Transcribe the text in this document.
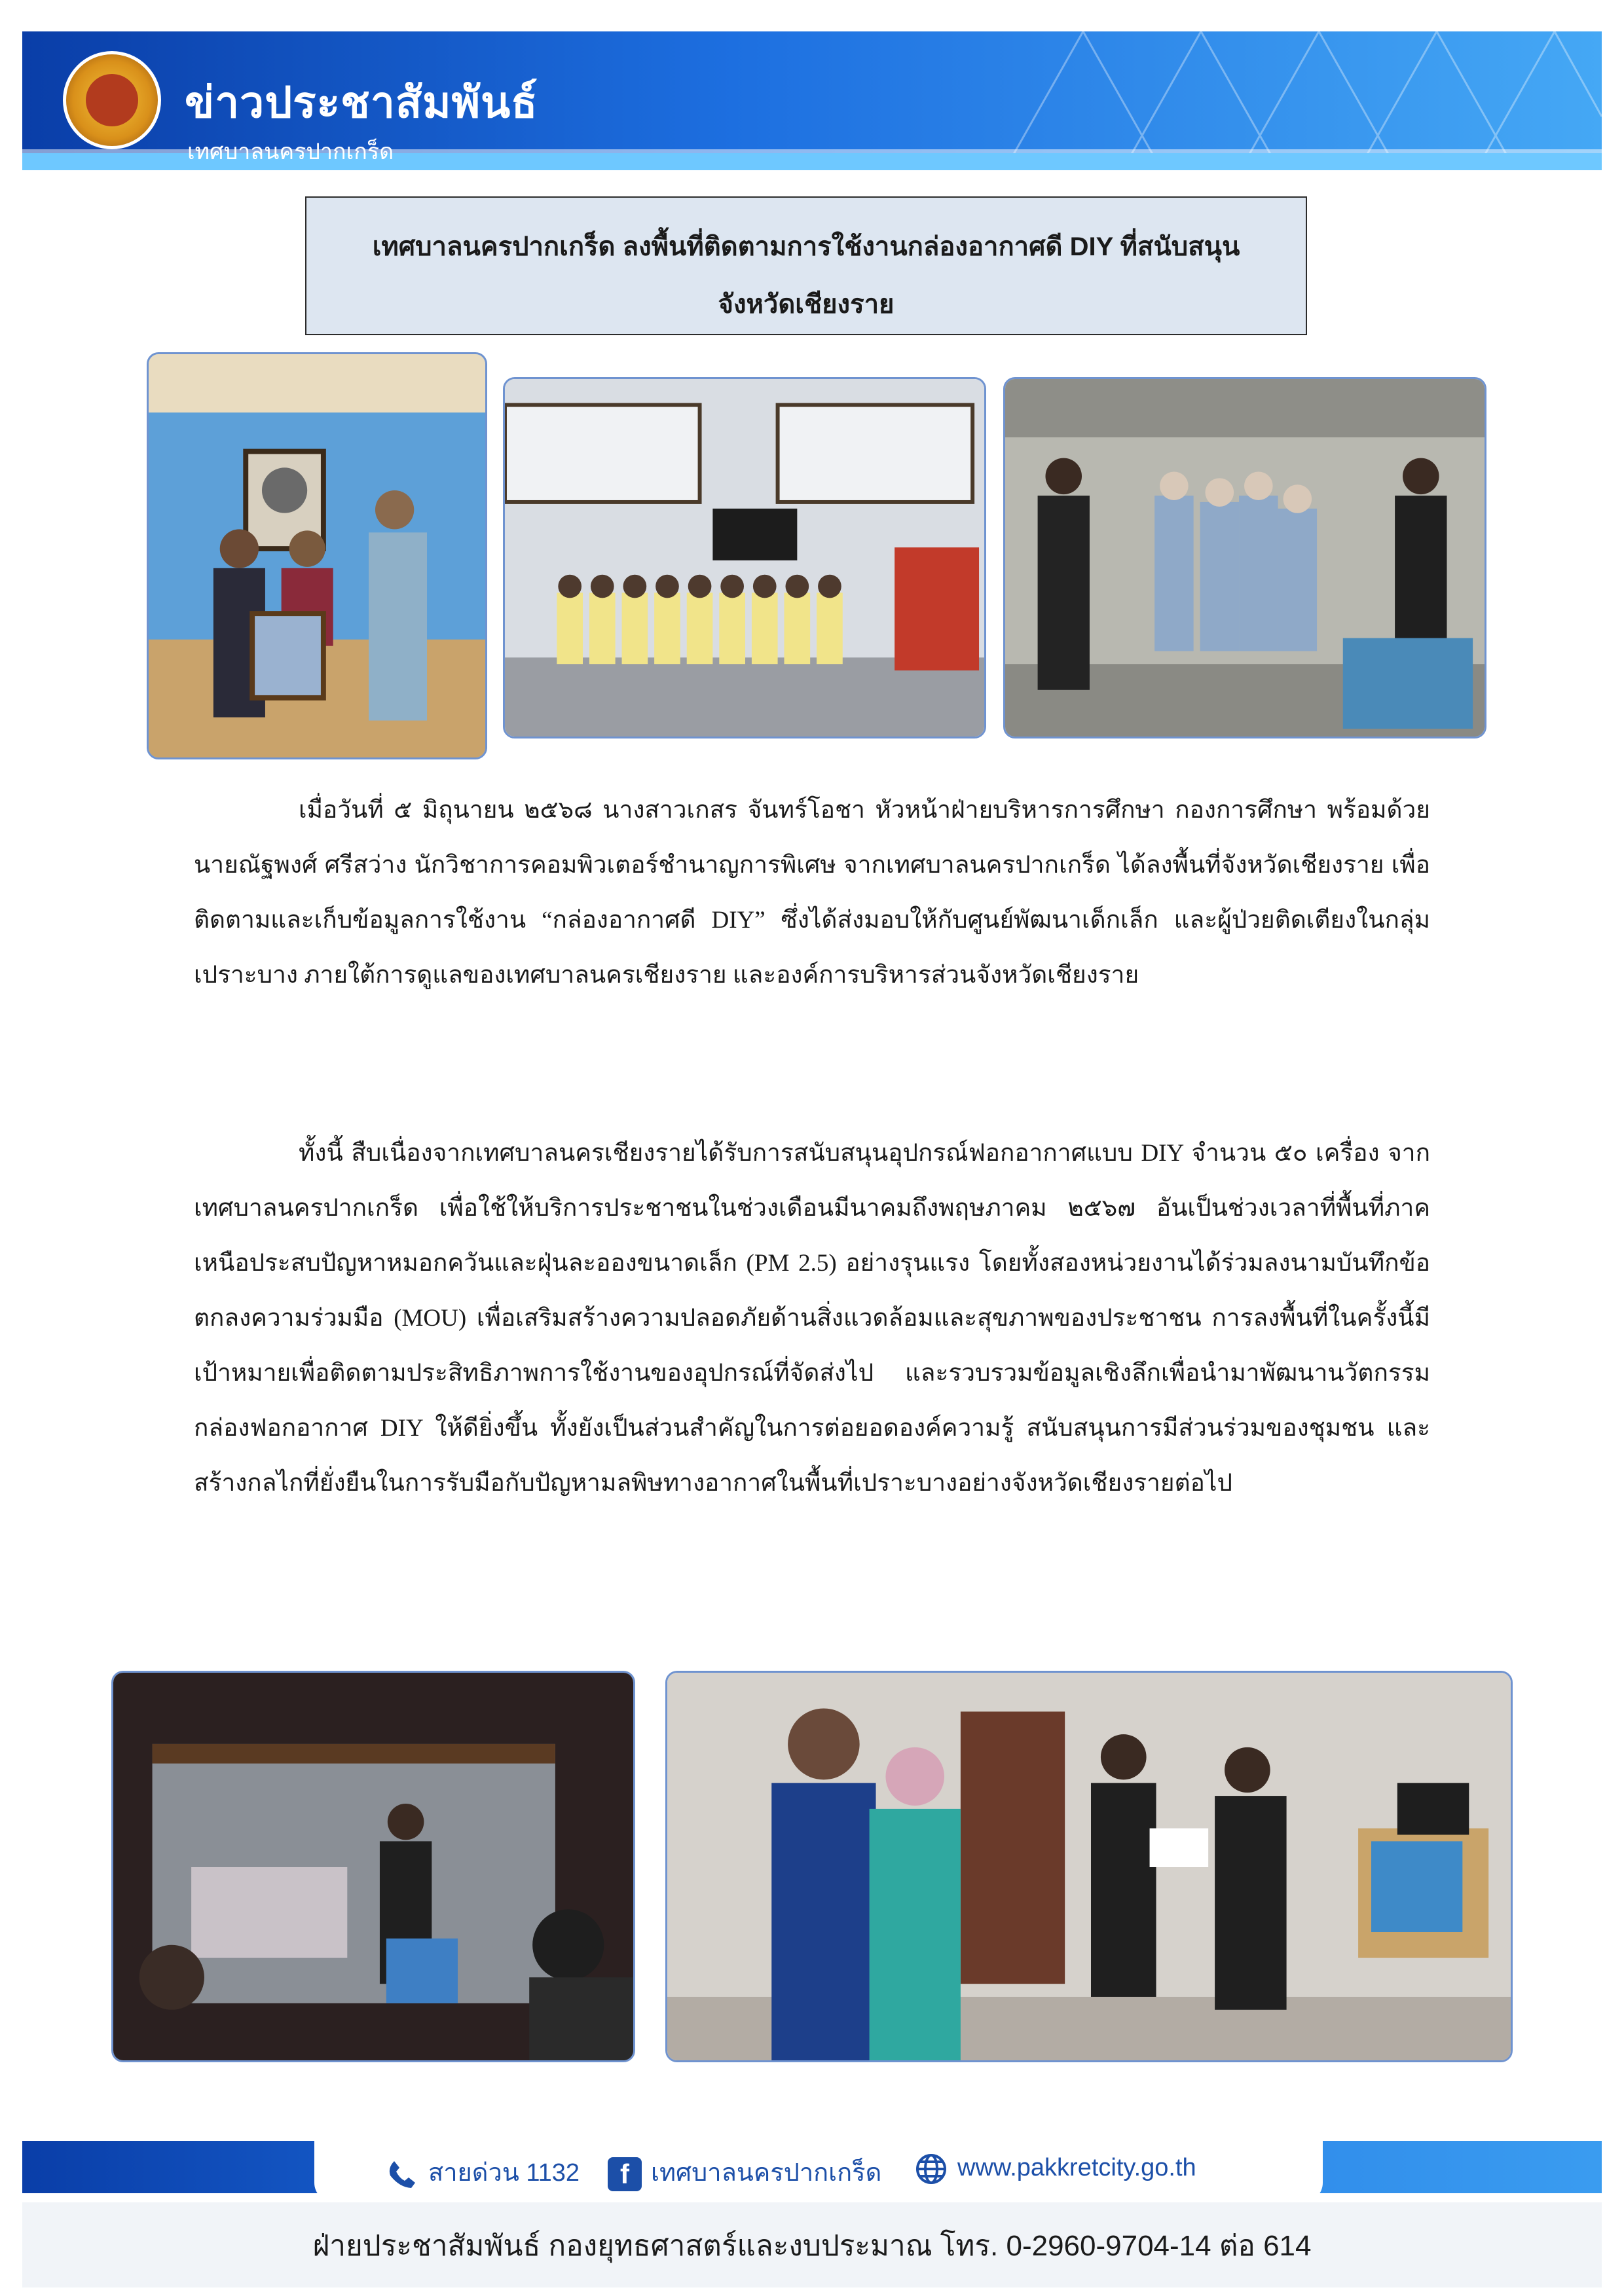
ข่าวประชาสัมพันธ์
เทศบาลนครปากเกร็ด
เทศบาลนครปากเกร็ด ลงพื้นที่ติดตามการใช้งานกล่องอากาศดี DIY ที่สนับสนุน
จังหวัดเชียงราย

เมื่อวันที่ ๕ มิถุนายน ๒๕๖๘ นางสาวเกสร จันทร์โอชา หัวหน้าฝ่ายบริหารการศึกษา กองการศึกษา พร้อมด้วย นายณัฐพงศ์ ศรีสว่าง นักวิชาการคอมพิวเตอร์ชำนาญการพิเศษ จากเทศบาลนครปากเกร็ด ได้ลงพื้นที่จังหวัดเชียงราย เพื่อติดตามและเก็บข้อมูลการใช้งาน “กล่องอากาศดี DIY” ซึ่งได้ส่งมอบให้กับศูนย์พัฒนาเด็กเล็ก และผู้ป่วยติดเตียงในกลุ่มเปราะบาง ภายใต้การดูแลของเทศบาลนครเชียงราย และองค์การบริหารส่วนจังหวัดเชียงราย

ทั้งนี้ สืบเนื่องจากเทศบาลนครเชียงรายได้รับการสนับสนุนอุปกรณ์ฟอกอากาศแบบ DIY จำนวน ๕๐ เครื่อง จากเทศบาลนครปากเกร็ด เพื่อใช้ให้บริการประชาชนในช่วงเดือนมีนาคมถึงพฤษภาคม ๒๕๖๗ อันเป็นช่วงเวลาที่พื้นที่ภาคเหนือประสบปัญหาหมอกควันและฝุ่นละอองขนาดเล็ก (PM 2.5) อย่างรุนแรง โดยทั้งสองหน่วยงานได้ร่วมลงนามบันทึกข้อตกลงความร่วมมือ (MOU) เพื่อเสริมสร้างความปลอดภัยด้านสิ่งแวดล้อมและสุขภาพของประชาชน การลงพื้นที่ในครั้งนี้มีเป้าหมายเพื่อติดตามประสิทธิภาพการใช้งานของอุปกรณ์ที่จัดส่งไป และรวบรวมข้อมูลเชิงลึกเพื่อนำมาพัฒนานวัตกรรมกล่องฟอกอากาศ DIY ให้ดียิ่งขึ้น ทั้งยังเป็นส่วนสำคัญในการต่อยอดองค์ความรู้ สนับสนุนการมีส่วนร่วมของชุมชน และสร้างกลไกที่ยั่งยืนในการรับมือกับปัญหามลพิษทางอากาศในพื้นที่เปราะบางอย่างจังหวัดเชียงรายต่อไป

สายด่วน 1132	f เทศบาลนครปากเกร็ด	www.pakkretcity.go.th
ฝ่ายประชาสัมพันธ์ กองยุทธศาสตร์และงบประมาณ โทร. 0-2960-9704-14 ต่อ 614
